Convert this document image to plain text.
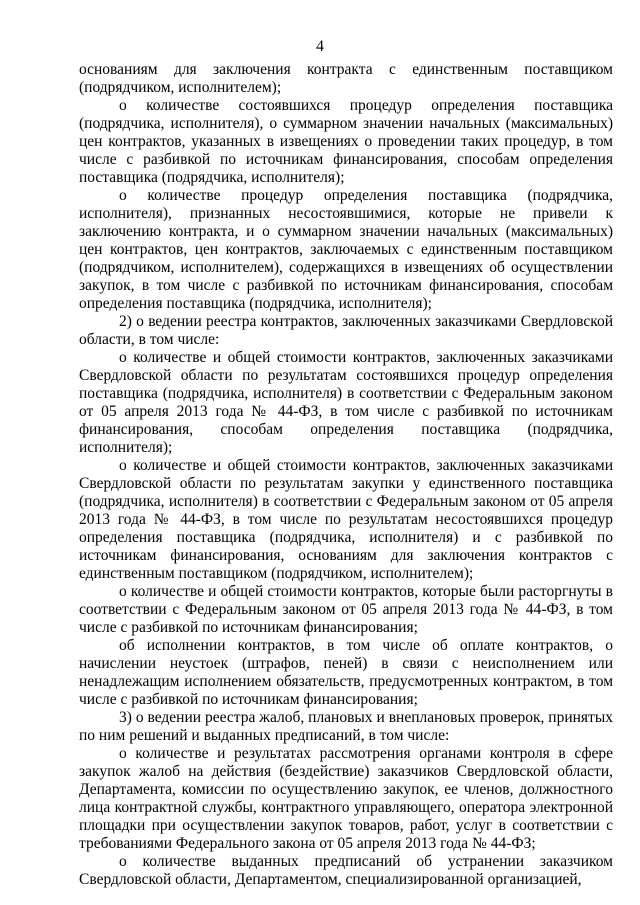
4

основаниям для заключения контракта с единственным поставщиком (подрядчиком, исполнителем);

о количестве состоявшихся процедур определения поставщика (подрядчика, исполнителя), о суммарном значении начальных (максимальных) цен контрактов, указанных в извещениях о проведении таких процедур, в том числе с разбивкой по источникам финансирования, способам определения поставщика (подрядчика, исполнителя);

о количестве процедур определения поставщика (подрядчика, исполнителя), признанных несостоявшимися, которые не привели к заключению контракта, и о суммарном значении начальных (максимальных) цен контрактов, цен контрактов, заключаемых с единственным поставщиком (подрядчиком, исполнителем), содержащихся в извещениях об осуществлении закупок, в том числе с разбивкой по источникам финансирования, способам определения поставщика (подрядчика, исполнителя);

2) о ведении реестра контрактов, заключенных заказчиками Свердловской области, в том числе:

о количестве и общей стоимости контрактов, заключенных заказчиками Свердловской области по результатам состоявшихся процедур определения поставщика (подрядчика, исполнителя) в соответствии с Федеральным законом от 05 апреля 2013 года № 44-ФЗ, в том числе с разбивкой по источникам финансирования, способам определения поставщика (подрядчика, исполнителя);

о количестве и общей стоимости контрактов, заключенных заказчиками Свердловской области по результатам закупки у единственного поставщика (подрядчика, исполнителя) в соответствии с Федеральным законом от 05 апреля 2013 года № 44-ФЗ, в том числе по результатам несостоявшихся процедур определения поставщика (подрядчика, исполнителя) и с разбивкой по источникам финансирования, основаниям для заключения контрактов с единственным поставщиком (подрядчиком, исполнителем);

о количестве и общей стоимости контрактов, которые были расторгнуты в соответствии с Федеральным законом от 05 апреля 2013 года № 44-ФЗ, в том числе с разбивкой по источникам финансирования;

об исполнении контрактов, в том числе об оплате контрактов, о начислении неустоек (штрафов, пеней) в связи с неисполнением или ненадлежащим исполнением обязательств, предусмотренных контрактом, в том числе с разбивкой по источникам финансирования;

3) о ведении реестра жалоб, плановых и внеплановых проверок, принятых по ним решений и выданных предписаний, в том числе:

о количестве и результатах рассмотрения органами контроля в сфере закупок жалоб на действия (бездействие) заказчиков Свердловской области, Департамента, комиссии по осуществлению закупок, ее членов, должностного лица контрактной службы, контрактного управляющего, оператора электронной площадки при осуществлении закупок товаров, работ, услуг в соответствии с требованиями Федерального закона от 05 апреля 2013 года № 44-ФЗ;

о количестве выданных предписаний об устранении заказчиком Свердловской области, Департаментом, специализированной организацией,
